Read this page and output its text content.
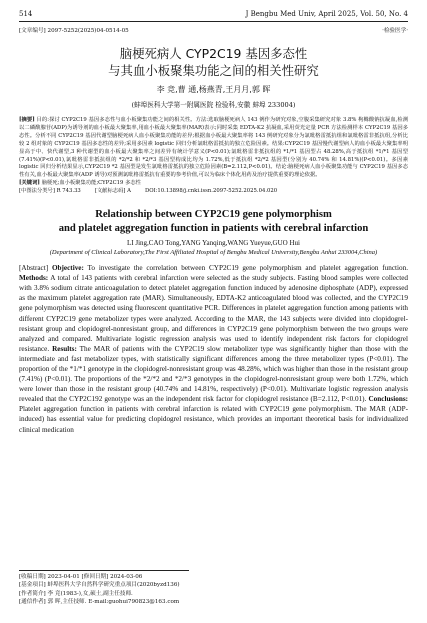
514	J Bengbu Med Univ, April 2025, Vol. 50, No. 4
[文章编号] 2097-5252(2025)04-0514-05	·检验医学·
脑梗死病人 CYP2C19 基因多态性
与其血小板聚集功能之间的相关性研究
李 竞,曹 通,杨燕青,王月月,郭 晖
(蚌埠医科大学第一附属医院 检验科,安徽 蚌埠 233004)
[摘要] 目的:探讨 CYP2C19 基因多态性与血小板聚集功能之间的相关性。方法:选取脑梗死病人 143 例作为研究对象,空腹采集研究对象 3.8% 枸橼酸钠抗凝血,检测以二磷酸腺苷(ADP)为诱导剂的血小板最大聚集率,用血小板最大聚集率(MAR)表示;同时采集 EDTA-K2 抗凝血,采用荧光定量 PCR 方法检测样本 CYP2C19 基因多态性。分析不同 CYP2C19 基因代谢型脑梗死病人血小板聚集功能的差异;根据血小板最大聚集率将 143 例研究对象分为氯吡格雷抵抗组和氯吡格雷非抵抗组,分析比较 2 组对象的 CYP2C19 基因多态性的差异;采用多因素 logistic 回归分析氯吡格雷抵抗的独立危险因素。结果:CYP2C19 基因慢代谢型病人的血小板最大聚集率明显高于中、快代谢型,3 种代谢型的血小板最大聚集率之间差异有统计学意义(P<0.01);氯吡格雷非抵抗组的 *1/*1 基因型占 48.28%,高于抵抗组 *1/*1 基因型(7.41%)(P<0.01),氯吡格雷非抵抗组的 *2/*2 和 *2/*3 基因型构成比均为 1.72%,低于抵抗组 *2/*2 基因型(分别为 40.74% 和 14.81%)(P<0.01)。多因素 logistic 回归分析结果显示,CYP2C19 *2 基因型是发生氯吡格雷抵抗的独立危险因素(B=2.112,P<0.01)。结论:脑梗死病人血小板聚集功能与 CYP2C19 基因多态性有关,血小板最大聚集率(ADP 诱导)对预测氯吡格雷抵抗有重要的参考价值,可以为临床个体化用药及治疗提供重要的理论依据。
[关键词] 脑梗死;血小板聚集功能;CYP2C19 多态性
[中图法分类号] R 743.33	[文献标志码] A	DOI:10.13898/j.cnki.issn.2097-5252.2025.04.020
Relationship between CYP2C19 gene polymorphism
and platelet aggregation function in patients with cerebral infarction
LI Jing,CAO Tong,YANG Yanqing,WANG Yueyue,GUO Hui
(Department of Clinical Laboratory,The First Affiliated Hospital of Bengbu Medical University,Bengbu Anhui 233004,China)
[Abstract] Objective: To investigate the correlation between CYP2C19 gene polymorphism and platelet aggregation function. Methods: A total of 143 patients with cerebral infarction were selected as the study subjects. Fasting blood samples were collected with 3.8% sodium citrate anticoagulation to detect platelet aggregation function induced by adenosine diphosphate (ADP), expressed as the maximum platelet aggregation rate (MAR). Simultaneously, EDTA-K2 anticoagulated blood was collected, and the CYP2C19 gene polymorphism was detected using fluorescent quantitative PCR. Differences in platelet aggregation function among patients with different CYP2C19 gene metabolizer types were analyzed. According to the MAR, the 143 subjects were divided into clopidogrel-resistant group and clopidogrel-nonresistant group, and differences in CYP2C19 gene polymorphism between the two groups were analyzed and compared. Multivariate logistic regression analysis was used to identify independent risk factors for clopidogrel resistance. Results: The MAR of patients with the CYP2C19 slow metabolizer type was significantly higher than those with the intermediate and fast metabolizer types, with statistically significant differences among the three metabolizer types (P<0.01). The proportion of the *1/*1 genotype in the clopidogrel-nonresistant group was 48.28%, which was higher than those in the resistant group (7.41%) (P<0.01). The proportions of the *2/*2 and *2/*3 genotypes in the clopidogrel-nonresistant group were both 1.72%, which were lower than those in the resistant group (40.74% and 14.81%, respectively) (P<0.01). Multivariate logistic regression analysis revealed that the CYP2C192 genotype was an the independent risk factor for clopidogrel resistance (B=2.112, P<0.01). Conclusions: Platelet aggregation function in patients with cerebral infarction is related with CYP2C19 gene polymorphism. The MAR (ADP-induced) has essential value for predicting clopidogrel resistance, which provides an important theoretical basis for individualized clinical medication
[收稿日期] 2023-04-01 [修回日期] 2024-03-06
[基金项目] 蚌埠医科大学自然科学研究重点项目(2020byzd136)
[作者简介] 李 竞(1983-),女,硕士,副主任技师.
[通信作者] 郭 晖,主任技师. E-mail:guohui790823@163.com
